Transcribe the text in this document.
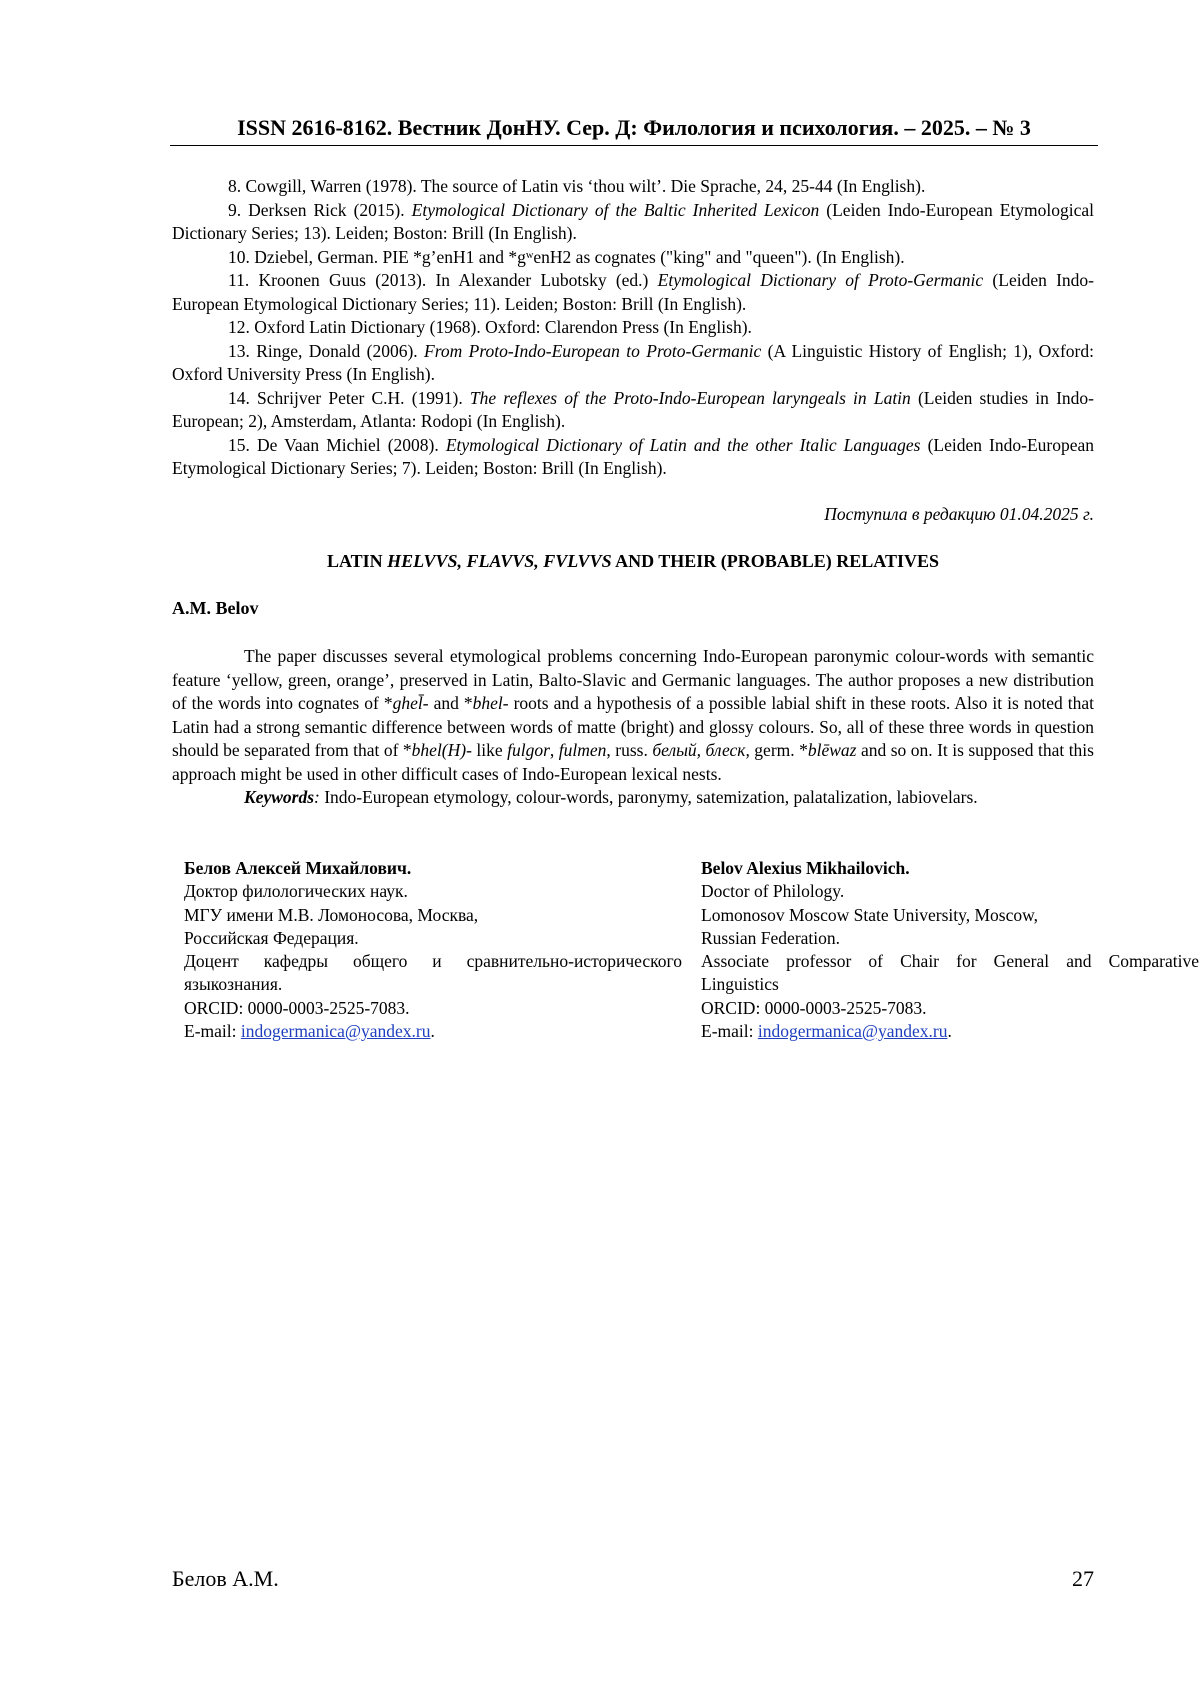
ISSN 2616-8162. Вестник ДонНУ. Сер. Д: Филология и психология. – 2025. – № 3

8. Cowgill, Warren (1978). The source of Latin vis ‘thou wilt’. Die Sprache, 24, 25-44 (In English).

9. Derksen Rick (2015). Etymological Dictionary of the Baltic Inherited Lexicon (Leiden Indo-European Etymological Dictionary Series; 13). Leiden; Boston: Brill (In English).

10. Dziebel, German. PIE *g’enH1 and *gʷenH2 as cognates ("king" and "queen"). (In English).

11. Kroonen Guus (2013). In Alexander Lubotsky (ed.) Etymological Dictionary of Proto-Germanic (Leiden Indo-European Etymological Dictionary Series; 11). Leiden; Boston: Brill (In English).

12. Oxford Latin Dictionary (1968). Oxford: Clarendon Press (In English).

13. Ringe, Donald (2006). From Proto-Indo-European to Proto-Germanic (A Linguistic History of English; 1), Oxford: Oxford University Press (In English).

14. Schrijver Peter C.H. (1991). The reflexes of the Proto-Indo-European laryngeals in Latin (Leiden studies in Indo-European; 2), Amsterdam, Atlanta: Rodopi (In English).

15. De Vaan Michiel (2008). Etymological Dictionary of Latin and the other Italic Languages (Leiden Indo-European Etymological Dictionary Series; 7). Leiden; Boston: Brill (In English).

Поступила в редакцию 01.04.2025 г.
LATIN HELVVS, FLAVVS, FVLVVS AND THEIR (PROBABLE) RELATIVES
A.M. Belov

The paper discusses several etymological problems concerning Indo-European paronymic colour-words with semantic feature ‘yellow, green, orange’, preserved in Latin, Balto-Slavic and Germanic languages. The author proposes a new distribution of the words into cognates of *ghel̄- and *bhel- roots and a hypothesis of a possible labial shift in these roots. Also it is noted that Latin had a strong semantic difference between words of matte (bright) and glossy colours. So, all of these three words in question should be separated from that of *bhel(H)- like fulgor, fulmen, russ. белый, блеск, germ. *blēwaz and so on. It is supposed that this approach might be used in other difficult cases of Indo-European lexical nests.

Keywords: Indo-European etymology, colour-words, paronymy, satemization, palatalization, labiovelars.

Белов Алексей Михайлович.
Доктор филологических наук.
МГУ имени М.В. Ломоносова, Москва,
Российская Федерация.
Доцент кафедры общего и сравнительно-исторического
языкознания.
ORCID: 0000-0003-2525-7083.
E-mail: indogermanica@yandex.ru.
Belov Alexius Mikhailovich.
Doctor of Philology.
Lomonosov Moscow State University, Moscow,
Russian Federation.
Associate professor of Chair for General and Comparative
Linguistics
ORCID: 0000-0003-2525-7083.
E-mail: indogermanica@yandex.ru.
Белов А.М.	27
